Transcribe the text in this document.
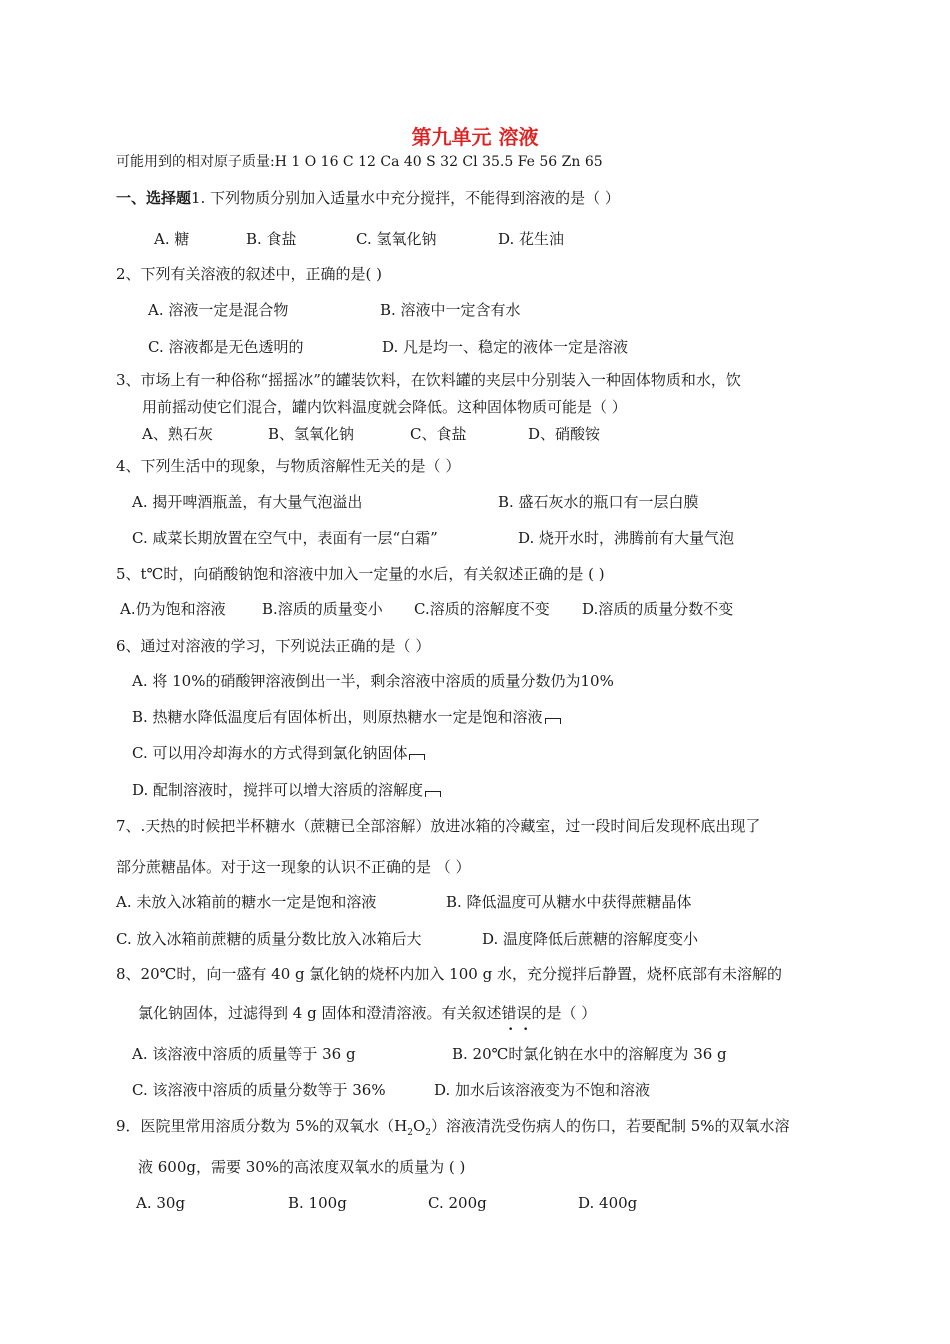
第九单元 溶液
可能用到的相对原子质量:H 1 O 16 C 12 Ca 40 S 32 Cl 35.5 Fe 56 Zn 65
一、选择题1. 下列物质分别加入适量水中充分搅拌，不能得到溶液的是（ ）
A. 糖	B. 食盐	C. 氢氧化钠	D. 花生油
2、下列有关溶液的叙述中，正确的是( )
A. 溶液一定是混合物	B. 溶液中一定含有水
C. 溶液都是无色透明的	D. 凡是均一、稳定的液体一定是溶液
3、市场上有一种俗称“摇摇冰”的罐装饮料，在饮料罐的夹层中分别装入一种固体物质和水，饮
用前摇动使它们混合，罐内饮料温度就会降低。这种固体物质可能是（ ）
A、熟石灰	B、氢氧化钠	C、食盐	D、硝酸铵
4、下列生活中的现象，与物质溶解性无关的是（ ）
A. 揭开啤酒瓶盖，有大量气泡溢出	B. 盛石灰水的瓶口有一层白膜
C. 咸菜长期放置在空气中，表面有一层“白霜”	D. 烧开水时，沸腾前有大量气泡
5、t℃时，向硝酸钠饱和溶液中加入一定量的水后，有关叙述正确的是 ( )
A.仍为饱和溶液 B.溶质的质量变小 C.溶质的溶解度不变 D.溶质的质量分数不变
6、通过对溶液的学习，下列说法正确的是（ ）
A. 将 10%的硝酸钾溶液倒出一半，剩余溶液中溶质的质量分数仍为10%
B. 热糖水降低温度后有固体析出，则原热糖水一定是饱和溶液
C. 可以用冷却海水的方式得到氯化钠固体
D. 配制溶液时，搅拌可以增大溶质的溶解度
7、.天热的时候把半杯糖水（蔗糖已全部溶解）放进冰箱的冷藏室，过一段时间后发现杯底出现了
部分蔗糖晶体。对于这一现象的认识不正确的是 （ ）
A. 未放入冰箱前的糖水一定是饱和溶液	B. 降低温度可从糖水中获得蔗糖晶体
C. 放入冰箱前蔗糖的质量分数比放入冰箱后大	D. 温度降低后蔗糖的溶解度变小
8、20℃时，向一盛有 40 g 氯化钠的烧杯内加入 100 g 水，充分搅拌后静置，烧杯底部有未溶解的
氯化钠固体，过滤得到 4 g 固体和澄清溶液。有关叙述错误的是（ ）
A. 该溶液中溶质的质量等于 36 g	B. 20℃时氯化钠在水中的溶解度为 36 g
C. 该溶液中溶质的质量分数等于 36%	D. 加水后该溶液变为不饱和溶液
9．医院里常用溶质分数为 5%的双氧水$(H_2O_2)$溶液清洗受伤病人的伤口，若要配制 5%的双氧水溶
液 600g，需要 30%的高浓度双氧水的质量为 ( )
A. 30g	B. 100g	C. 200g	D. 400g
